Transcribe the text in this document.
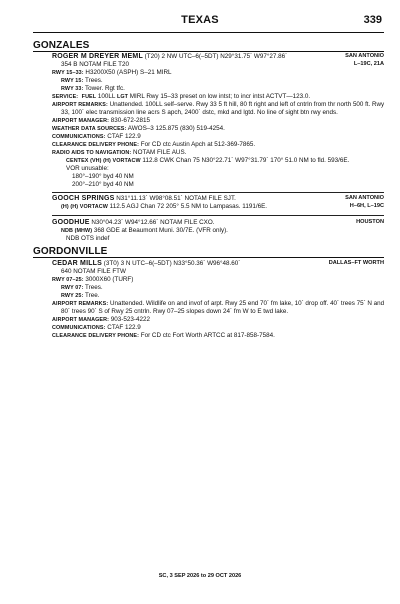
TEXAS	339
GONZALES
ROGER M DREYER MEML (T20) 2 NW UTC–6(–5DT) N29°31.75´ W97°27.86´	SAN ANTONIO
L–19C, 21A
354 B NOTAM FILE T20
RWY 15–33: H3200X50 (ASPH) S–21 MIRL
RWY 15: Trees.
RWY 33: Tower. Rgt tfc.
SERVICE: FUEL 100LL LGT MIRL Rwy 15–33 preset on low intst; to incr intst ACTVT—123.0.
AIRPORT REMARKS: Unattended. 100LL self–serve. Rwy 33 5 ft hill, 80 ft right and left of cntrln from thr north 500 ft. Rwy
33, 100´ elec transmission line acrs S apch, 2400´ dstc, mkd and lgtd. No line of sight btn rwy ends.
AIRPORT MANAGER: 830-672-2815
WEATHER DATA SOURCES: AWOS–3 125.875 (830) 519-4254.
COMMUNICATIONS: CTAF 122.9
CLEARANCE DELIVERY PHONE: For CD ctc Austin Apch at 512-369-7865.
RADIO AIDS TO NAVIGATION: NOTAM FILE AUS.
CENTEX (VH) (H) VORTACW 112.8 CWK Chan 75 N30°22.71´ W97°31.79´ 170° 51.0 NM to fld. 593/6E.
VOR unusable:
180°–190° byd 40 NM
200°–210° byd 40 NM
GOOCH SPRINGS N31°11.13´ W98°08.51´ NOTAM FILE SJT.	SAN ANTONIO
H–6H, L–19C
(H) (H) VORTACW 112.5 AGJ Chan 72 205° 5.5 NM to Lampasas. 1191/6E.
GOODHUE N30°04.23´ W94°12.66´ NOTAM FILE CXO.	HOUSTON
NDB (MHW) 368 GDE at Beaumont Muni. 30/7E. (VFR only).
NDB OTS indef
GORDONVILLE
CEDAR MILLS (3T0) 3 N UTC–6(–5DT) N33°50.36´ W96°48.60´	DALLAS–FT WORTH
640 NOTAM FILE FTW
RWY 07–25: 3000X60 (TURF)
RWY 07: Trees.
RWY 25: Tree.
AIRPORT REMARKS: Unattended. Wildlife on and invof of arpt. Rwy 25 end 70´ fm lake, 10´ drop off. 40´ trees 75´ N and
80´ trees 90´ S of Rwy 25 cntrln. Rwy 07–25 slopes down 24´ fm W to E twd lake.
AIRPORT MANAGER: 903-523-4222
COMMUNICATIONS: CTAF 122.9
CLEARANCE DELIVERY PHONE: For CD ctc Fort Worth ARTCC at 817-858-7584.
SC, 3 SEP 2026 to 29 OCT 2026
